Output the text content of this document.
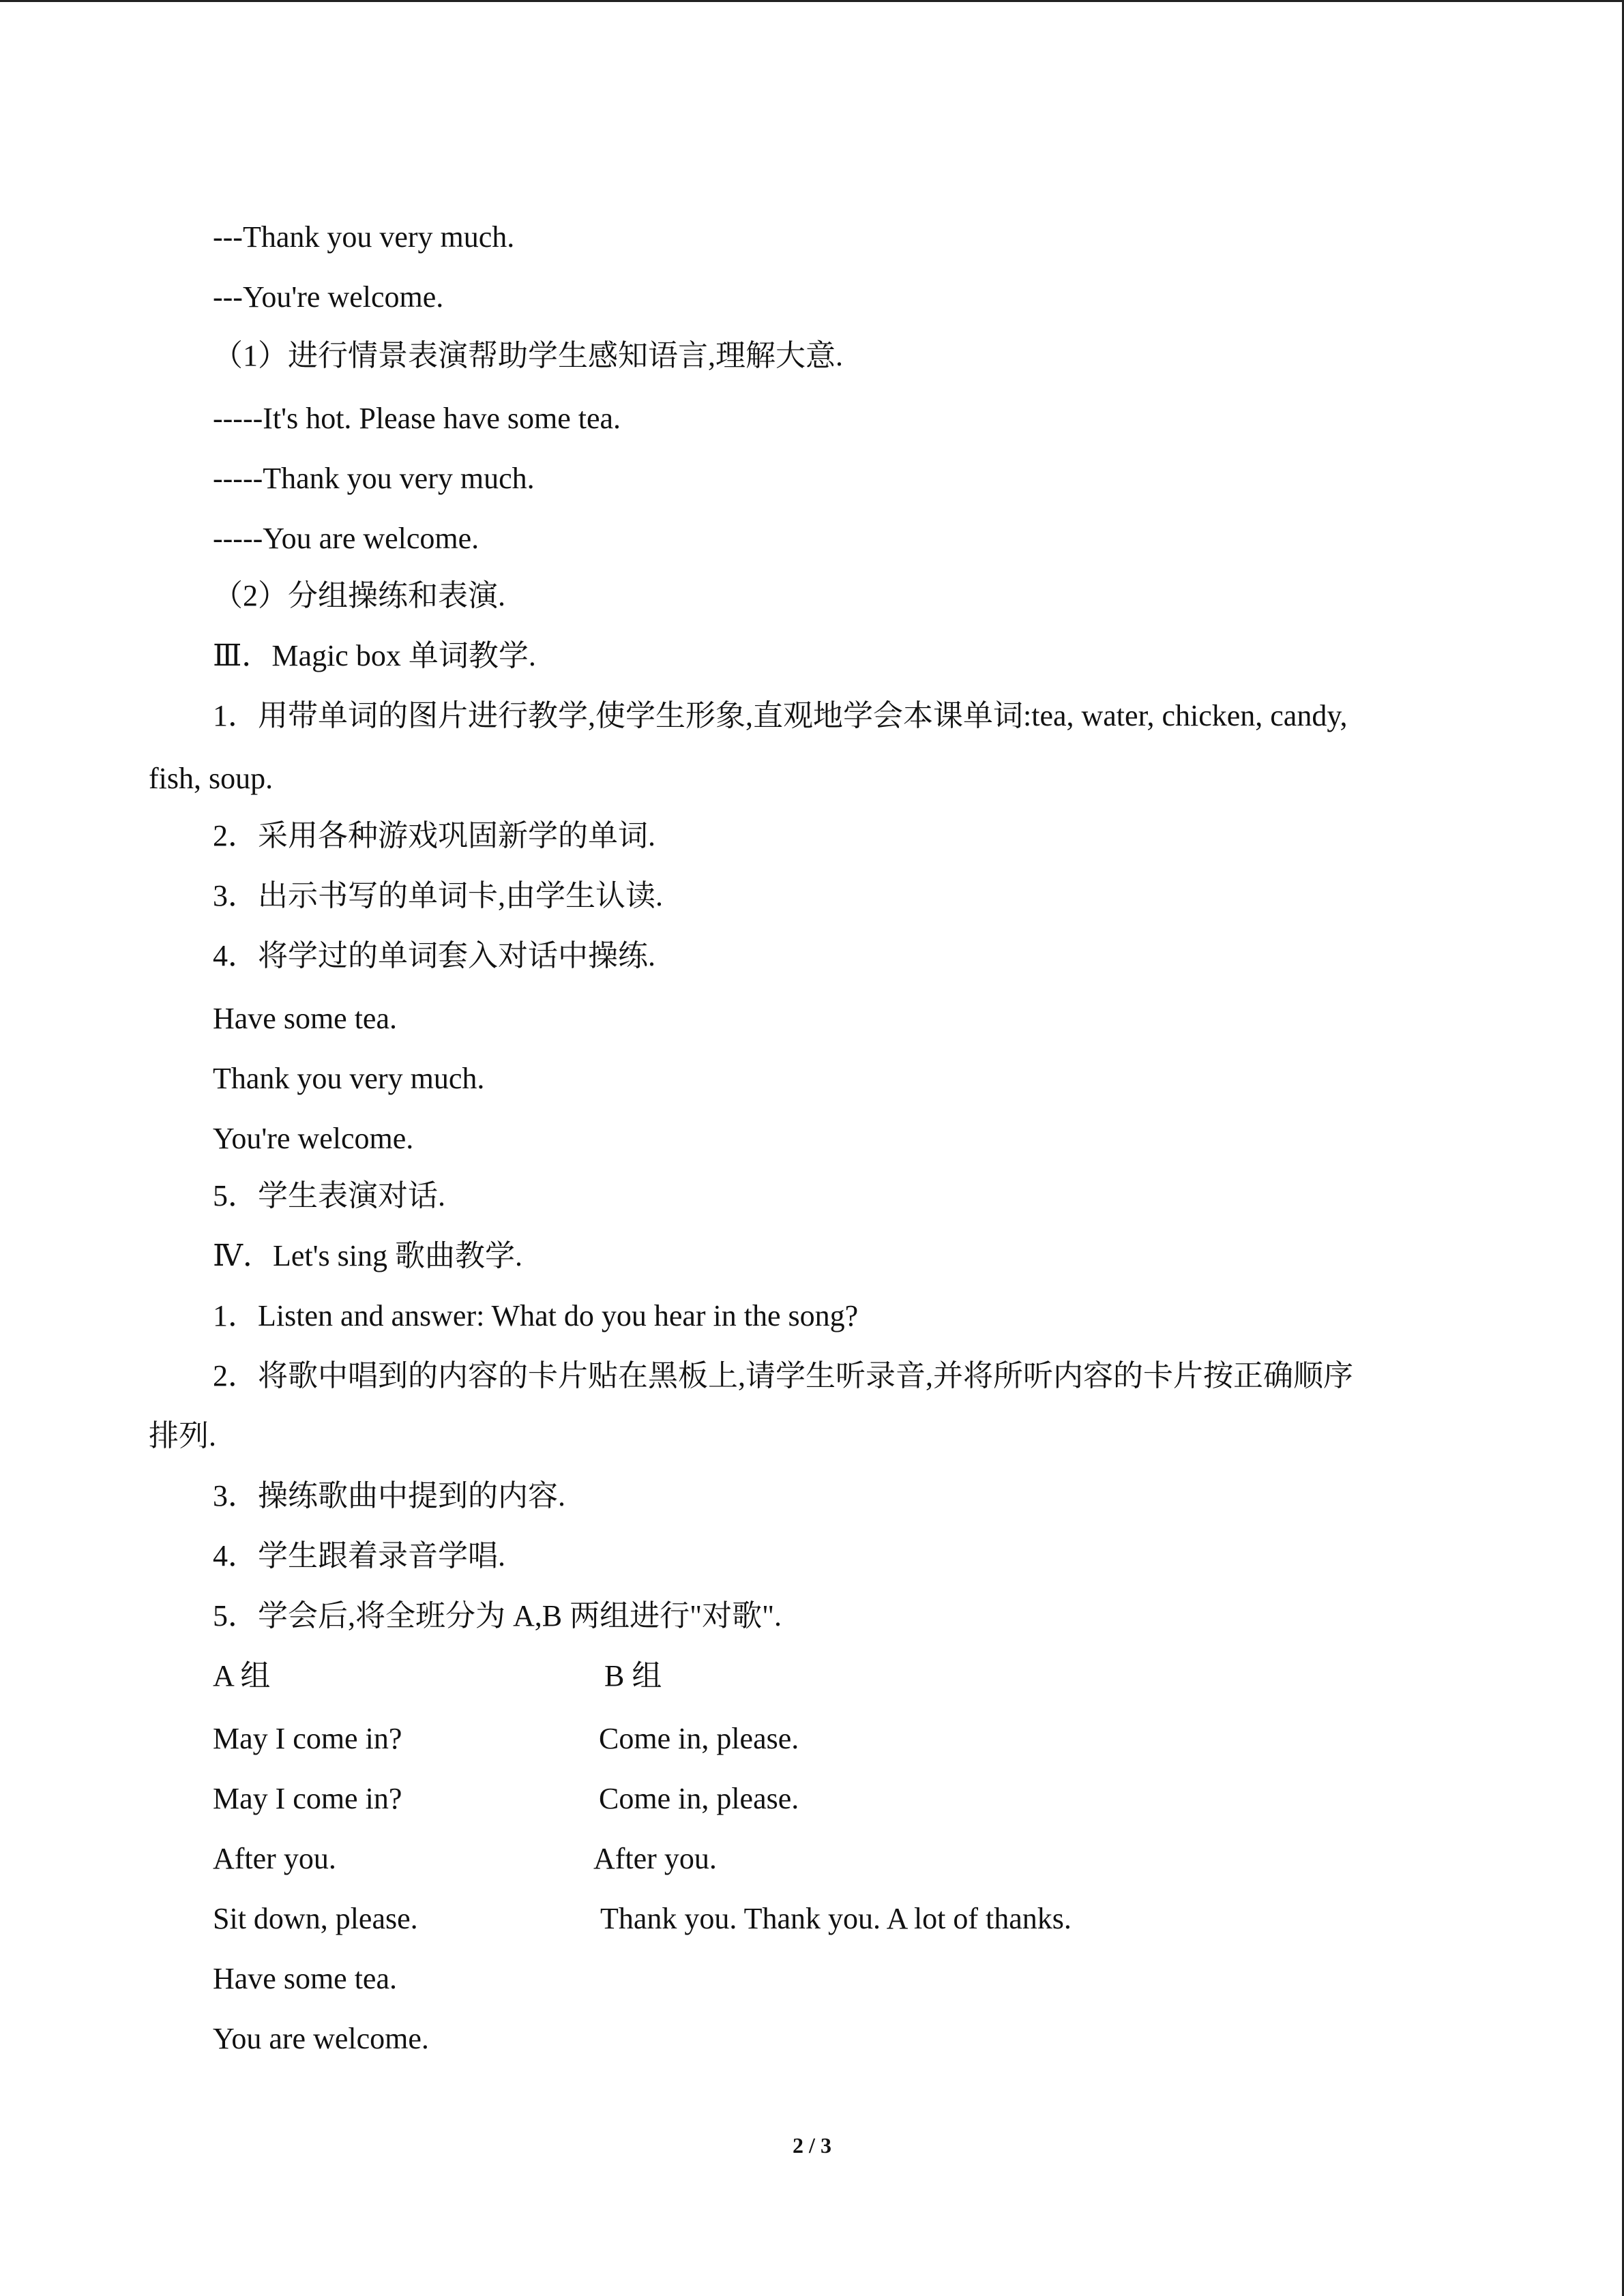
---Thank you very much.
---You're welcome.
（1）进行情景表演帮助学生感知语言,理解大意.
-----It's hot. Please have some tea.
-----Thank you very much.
-----You are welcome.
（2）分组操练和表演.
Ⅲ．Magic box 单词教学.
1．用带单词的图片进行教学,使学生形象,直观地学会本课单词:tea, water, chicken, candy,
fish, soup.
2．采用各种游戏巩固新学的单词.
3．出示书写的单词卡,由学生认读.
4．将学过的单词套入对话中操练.
Have some tea.
Thank you very much.
You're welcome.
5．学生表演对话.
Ⅳ．Let's sing 歌曲教学.
1．Listen and answer: What do you hear in the song?
2．将歌中唱到的内容的卡片贴在黑板上,请学生听录音,并将所听内容的卡片按正确顺序
排列.
3．操练歌曲中提到的内容.
4．学生跟着录音学唱.
5．学会后,将全班分为 A,B 两组进行"对歌".
A 组	B 组
May I come in?	Come in, please.
May I come in?	Come in, please.
After you.	After you.
Sit down, please.	Thank you. Thank you. A lot of thanks.
Have some tea.
You are welcome.
2 / 3
